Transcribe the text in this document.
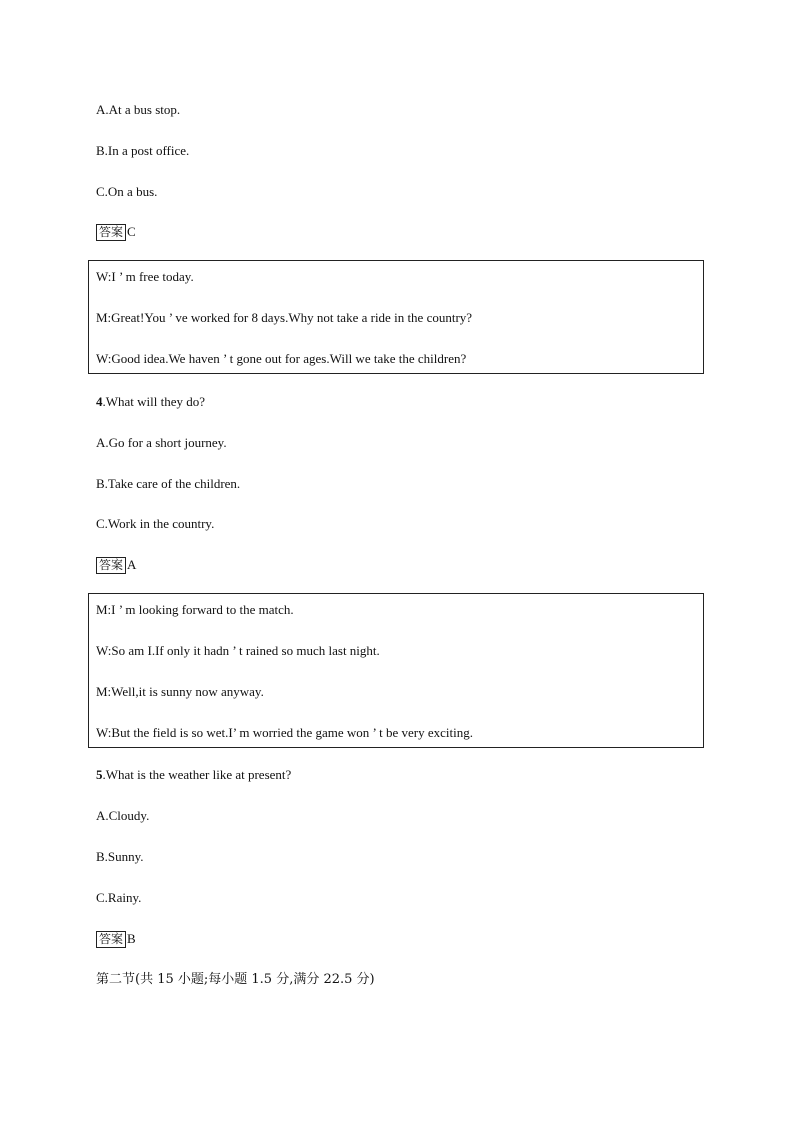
A.At a bus stop.
B.In a post office.
C.On a bus.
答案 C
W:I ’ m free today.
M:Great!You ’ ve worked for 8 days.Why not take a ride in the country?
W:Good idea.We haven ’ t gone out for ages.Will we take the children?
4.What will they do?
A.Go for a short journey.
B.Take care of the children.
C.Work in the country.
答案 A
M:I ’ m looking forward to the match.
W:So am I.If only it hadn ’ t rained so much last night.
M:Well,it is sunny now anyway.
W:But the field is so wet.I’ m worried the game won ’ t be very exciting.
5.What is the weather like at present?
A.Cloudy.
B.Sunny.
C.Rainy.
答案 B
第二节(共 15 小题;每小题 1.5 分,满分 22.5 分)
